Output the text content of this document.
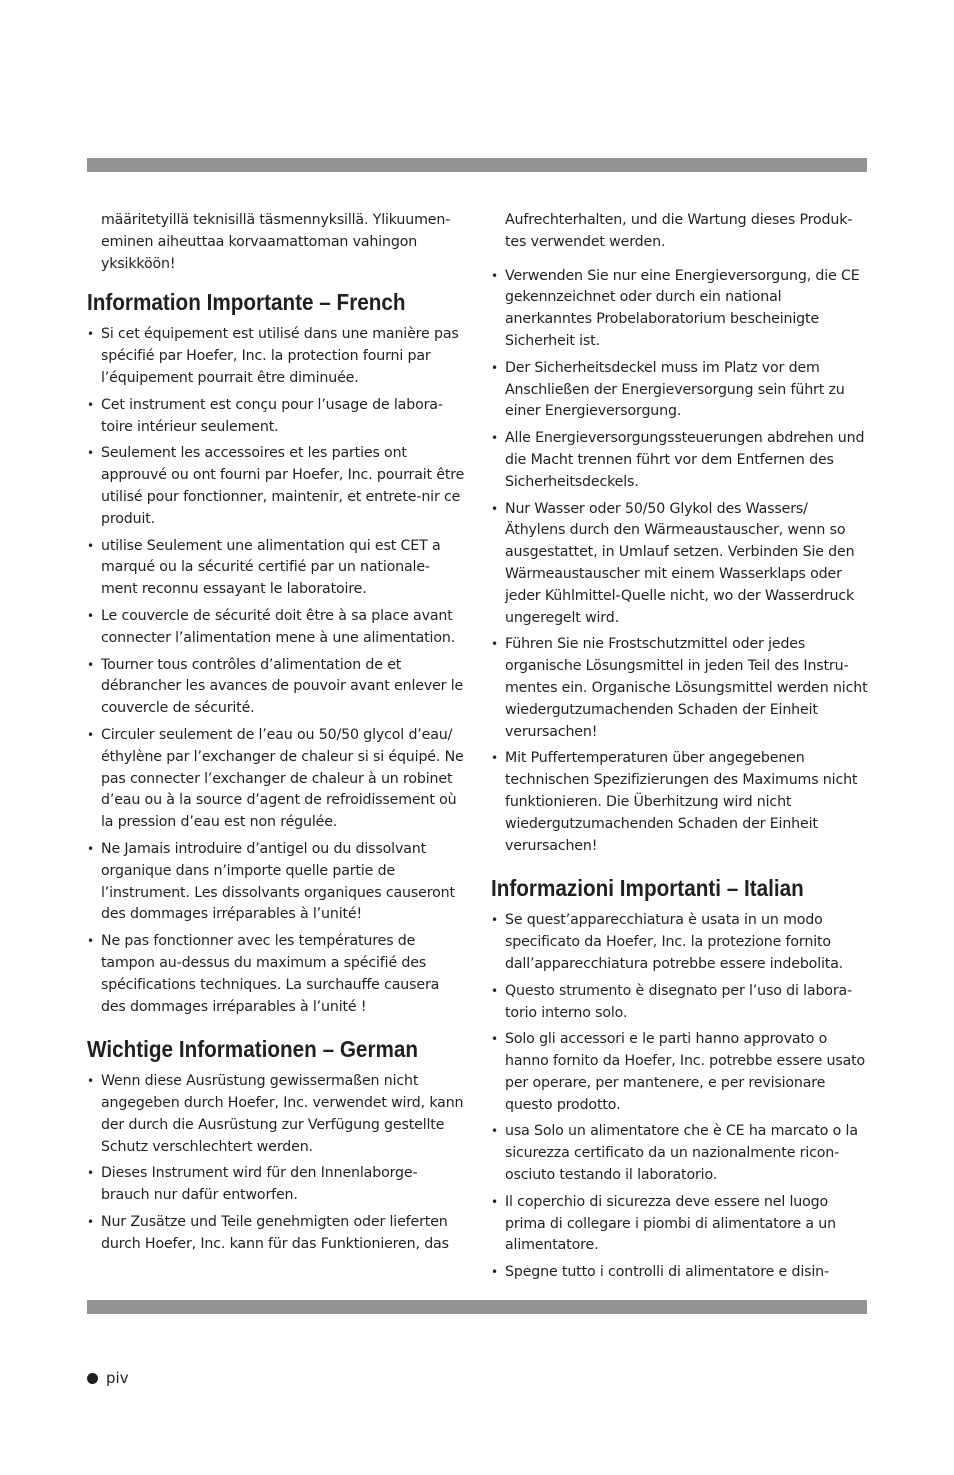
määritetyillä teknisillä täsmennyksillä. Ylikuumen-eminen aiheuttaa korvaamattoman vahingon yksikköön!

Information Importante – French
• Si cet équipement est utilisé dans une manière pas spécifié par Hoefer, Inc. la protection fourni par l’équipement pourrait être diminuée.
• Cet instrument est conçu pour l’usage de labora-toire intérieur seulement.
• Seulement les accessoires et les parties ont approuvé ou ont fourni par Hoefer, Inc. pourrait être utilisé pour fonctionner, maintenir, et entrete-nir ce produit.
• utilise Seulement une alimentation qui est CET a marqué ou la sécurité certifié par un nationale-ment reconnu essayant le laboratoire.
• Le couvercle de sécurité doit être à sa place avant connecter l’alimentation mene à une alimentation.
• Tourner tous contrôles d’alimentation de et débrancher les avances de pouvoir avant enlever le couvercle de sécurité.
• Circuler seulement de l’eau ou 50/50 glycol d’eau/ éthylène par l’exchanger de chaleur si si équipé. Ne pas connecter l’exchanger de chaleur à un robinet d’eau ou à la source d’agent de refroidissement où la pression d’eau est non régulée.
• Ne Jamais introduire d’antigel ou du dissolvant organique dans n’importe quelle partie de l’instrument. Les dissolvants organiques causeront des dommages irréparables à l’unité!
• Ne pas fonctionner avec les températures de tampon au-dessus du maximum a spécifié des spécifications techniques. La surchauffe causera des dommages irréparables à l’unité !
Wichtige Informationen – German
• Wenn diese Ausrüstung gewissermaßen nicht angegeben durch Hoefer, Inc. verwendet wird, kann der durch die Ausrüstung zur Verfügung gestellte Schutz verschlechtert werden.
• Dieses Instrument wird für den Innenlaborge-brauch nur dafür entworfen.
• Nur Zusätze und Teile genehmigten oder lieferten durch Hoefer, Inc. kann für das Funktionieren, das

Aufrechterhalten, und die Wartung dieses Produk-tes verwendet werden.

• Verwenden Sie nur eine Energieversorgung, die CE gekennzeichnet oder durch ein national anerkanntes Probelaboratorium bescheinigte Sicherheit ist.
• Der Sicherheitsdeckel muss im Platz vor dem Anschließen der Energieversorgung sein führt zu einer Energieversorgung.
• Alle Energieversorgungssteuerungen abdrehen und die Macht trennen führt vor dem Entfernen des Sicherheitsdeckels.
• Nur Wasser oder 50/50 Glykol des Wassers/ Äthylens durch den Wärmeaustauscher, wenn so ausgestattet, in Umlauf setzen. Verbinden Sie den Wärmeaustauscher mit einem Wasserklaps oder jeder Kühlmittel-Quelle nicht, wo der Wasserdruck ungeregelt wird.
• Führen Sie nie Frostschutzmittel oder jedes organische Lösungsmittel in jeden Teil des Instru-mentes ein. Organische Lösungsmittel werden nicht wiedergutzumachenden Schaden der Einheit verursachen!
• Mit Puffertemperaturen über angegebenen technischen Spezifizierungen des Maximums nicht funktionieren. Die Überhitzung wird nicht wiedergutzumachenden Schaden der Einheit verursachen!
Informazioni Importanti – Italian
• Se quest’apparecchiatura è usata in un modo specificato da Hoefer, Inc. la protezione fornito dall’apparecchiatura potrebbe essere indebolita.
• Questo strumento è disegnato per l’uso di labora-torio interno solo.
• Solo gli accessori e le parti hanno approvato o hanno fornito da Hoefer, Inc. potrebbe essere usato per operare, per mantenere, e per revisionare questo prodotto.
• usa Solo un alimentatore che è CE ha marcato o la sicurezza certificato da un nazionalmente ricon-osciuto testando il laboratorio.
• Il coperchio di sicurezza deve essere nel luogo prima di collegare i piombi di alimentatore a un alimentatore.
• Spegne tutto i controlli di alimentatore e disin-
piv
